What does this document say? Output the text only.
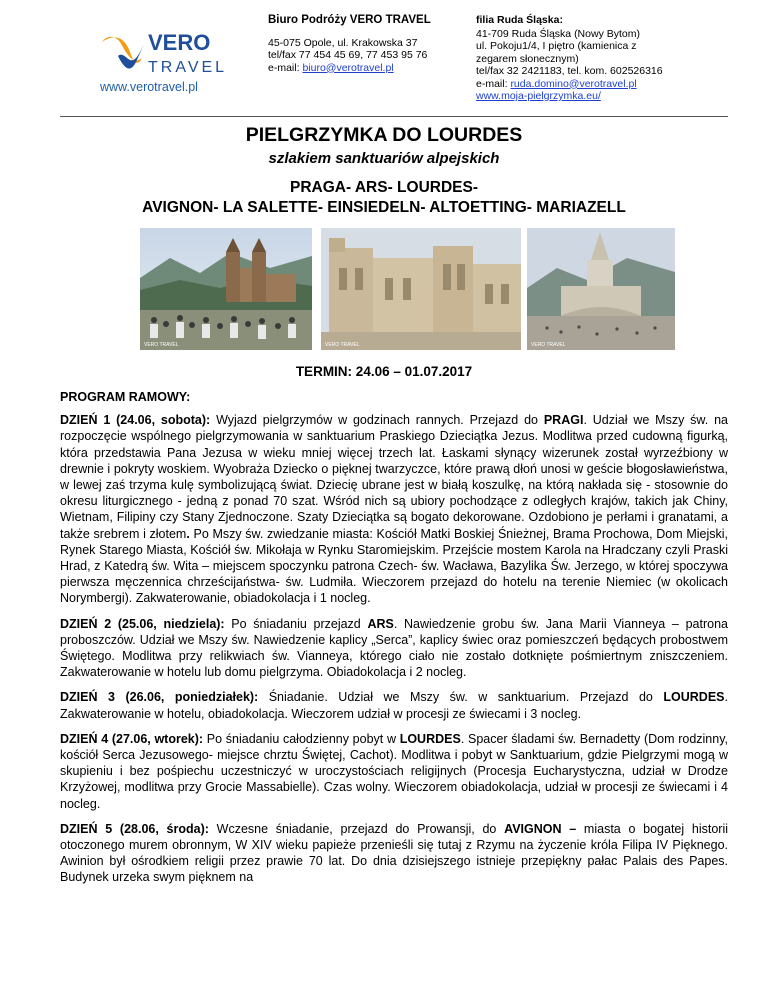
VERO
TRAVEL
www.verotravel.pl
Biuro Podróży VERO TRAVEL
45-075 Opole, ul. Krakowska 37
tel/fax 77 454 45 69, 77 453 95 76
e-mail: biuro@verotravel.pl
filia Ruda Śląska:
41-709 Ruda Śląska (Nowy Bytom)
ul. Pokoju1/4, I piętro (kamienica z
zegarem słonecznym)
tel/fax 32 2421183, tel. kom. 602526316
e-mail: ruda.domino@verotravel.pl
www.moja-pielgrzymka.eu/
PIELGRZYMKA DO LOURDES
szlakiem sanktuariów alpejskich
PRAGA- ARS- LOURDES-
AVIGNON- LA SALETTE- EINSIEDELN- ALTOETTING- MARIAZELL
VERO TRAVEL	VERO TRAVEL	VERO TRAVEL
TERMIN: 24.06 – 01.07.2017
PROGRAM RAMOWY:

DZIEŃ 1 (24.06, sobota): Wyjazd pielgrzymów w godzinach rannych. Przejazd do PRAGI. Udział we Mszy św. na rozpoczęcie wspólnego pielgrzymowania w sanktuarium Praskiego Dzieciątka Jezus. Modlitwa przed cudowną figurką, która przedstawia Pana Jezusa w wieku mniej więcej trzech lat. Łaskami słynący wizerunek został wyrzeźbiony w drewnie i pokryty woskiem. Wyobraża Dziecko o pięknej twarzyczce, które prawą dłoń unosi w geście błogosławieństwa, w lewej zaś trzyma kulę symbolizującą świat. Dziecię ubrane jest w białą koszulkę, na którą nakłada się - stosownie do okresu liturgicznego - jedną z ponad 70 szat. Wśród nich są ubiory pochodzące z odległych krajów, takich jak Chiny, Wietnam, Filipiny czy Stany Zjednoczone. Szaty Dzieciątka są bogato dekorowane. Ozdobiono je perłami i granatami, a także srebrem i złotem. Po Mszy św. zwiedzanie miasta: Kościół Matki Boskiej Śnieżnej, Brama Prochowa, Dom Miejski, Rynek Starego Miasta, Kościół św. Mikołaja w Rynku Staromiejskim. Przejście mostem Karola na Hradczany czyli Praski Hrad, z Katedrą św. Wita – miejscem spoczynku patrona Czech- św. Wacława, Bazylika Św. Jerzego, w której spoczywa pierwsza męczennica chrześcijaństwa- św. Ludmiła. Wieczorem przejazd do hotelu na terenie Niemiec (w okolicach Norymbergi). Zakwaterowanie, obiadokolacja i 1 nocleg.

DZIEŃ 2 (25.06, niedziela): Po śniadaniu przejazd ARS. Nawiedzenie grobu św. Jana Marii Vianneya – patrona proboszczów. Udział we Mszy św. Nawiedzenie kaplicy „Serca”, kaplicy świec oraz pomieszczeń będących probostwem Świętego. Modlitwa przy relikwiach św. Vianneya, którego ciało nie zostało dotknięte pośmiertnym zniszczeniem. Zakwaterowanie w hotelu lub domu pielgrzyma. Obiadokolacja i 2 nocleg.

DZIEŃ 3 (26.06, poniedziałek): Śniadanie. Udział we Mszy św. w sanktuarium. Przejazd do LOURDES. Zakwaterowanie w hotelu, obiadokolacja. Wieczorem udział w procesji ze świecami i 3 nocleg.

DZIEŃ 4 (27.06, wtorek): Po śniadaniu całodzienny pobyt w LOURDES. Spacer śladami św. Bernadetty (Dom rodzinny, kościół Serca Jezusowego- miejsce chrztu Świętej, Cachot). Modlitwa i pobyt w Sanktuarium, gdzie Pielgrzymi mogą w skupieniu i bez pośpiechu uczestniczyć w uroczystościach religijnych (Procesja Eucharystyczna, udział w Drodze Krzyżowej, modlitwa przy Grocie Massabielle). Czas wolny. Wieczorem obiadokolacja, udział w procesji ze świecami i 4 nocleg.

DZIEŃ 5 (28.06, środa): Wczesne śniadanie, przejazd do Prowansji, do AVIGNON – miasta o bogatej historii otoczonego murem obronnym, W XIV wieku papieże przenieśli się tutaj z Rzymu na życzenie króla Filipa IV Pięknego. Awinion był ośrodkiem religii przez prawie 70 lat. Do dnia dzisiejszego istnieje przepiękny pałac Palais des Papes. Budynek urzeka swym pięknem na
